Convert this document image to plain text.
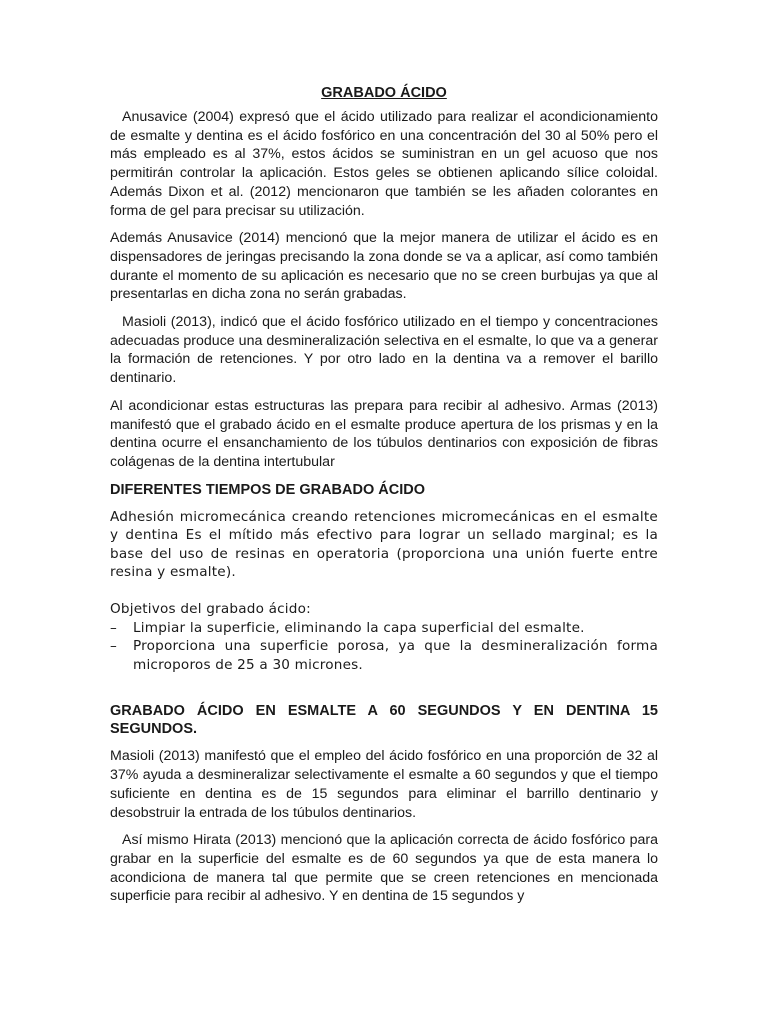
GRABADO ÁCIDO

Anusavice (2004) expresó que el ácido utilizado para realizar el acondicionamiento de esmalte y dentina es el ácido fosfórico en una concentración del 30 al 50% pero el más empleado es al 37%, estos ácidos se suministran en un gel acuoso que nos permitirán controlar la aplicación. Estos geles se obtienen aplicando sílice coloidal. Además Dixon et al. (2012) mencionaron que también se les añaden colorantes en forma de gel para precisar su utilización.

Además Anusavice (2014) mencionó que la mejor manera de utilizar el ácido es en dispensadores de jeringas precisando la zona donde se va a aplicar, así como también durante el momento de su aplicación es necesario que no se creen burbujas ya que al presentarlas en dicha zona no serán grabadas.

Masioli (2013), indicó que el ácido fosfórico utilizado en el tiempo y concentraciones adecuadas produce una desmineralización selectiva en el esmalte, lo que va a generar la formación de retenciones. Y por otro lado en la dentina va a remover el barillo dentinario.

Al acondicionar estas estructuras las prepara para recibir al adhesivo. Armas (2013) manifestó que el grabado ácido en el esmalte produce apertura de los prismas y en la dentina ocurre el ensanchamiento de los túbulos dentinarios con exposición de fibras colágenas de la dentina intertubular

DIFERENTES TIEMPOS DE GRABADO ÁCIDO
Adhesión micromecánica creando retenciones micromecánicas en el esmalte y dentina Es el mítido más efectivo para lograr un sellado marginal; es la base del uso de resinas en operatoria (proporciona una unión fuerte entre resina y esmalte).
Objetivos del grabado ácido:
– Limpiar la superficie, eliminando la capa superficial del esmalte.
– Proporciona una superficie porosa, ya que la desmineralización forma microporos de 25 a 30 micrones.
GRABADO ÁCIDO EN ESMALTE A 60 SEGUNDOS Y EN DENTINA 15 SEGUNDOS.

Masioli (2013) manifestó que el empleo del ácido fosfórico en una proporción de 32 al 37% ayuda a desmineralizar selectivamente el esmalte a 60 segundos y que el tiempo suficiente en dentina es de 15 segundos para eliminar el barrillo dentinario y desobstruir la entrada de los túbulos dentinarios.

Así mismo Hirata (2013) mencionó que la aplicación correcta de ácido fosfórico para grabar en la superficie del esmalte es de 60 segundos ya que de esta manera lo acondiciona de manera tal que permite que se creen retenciones en mencionada superficie para recibir al adhesivo. Y en dentina de 15 segundos y
